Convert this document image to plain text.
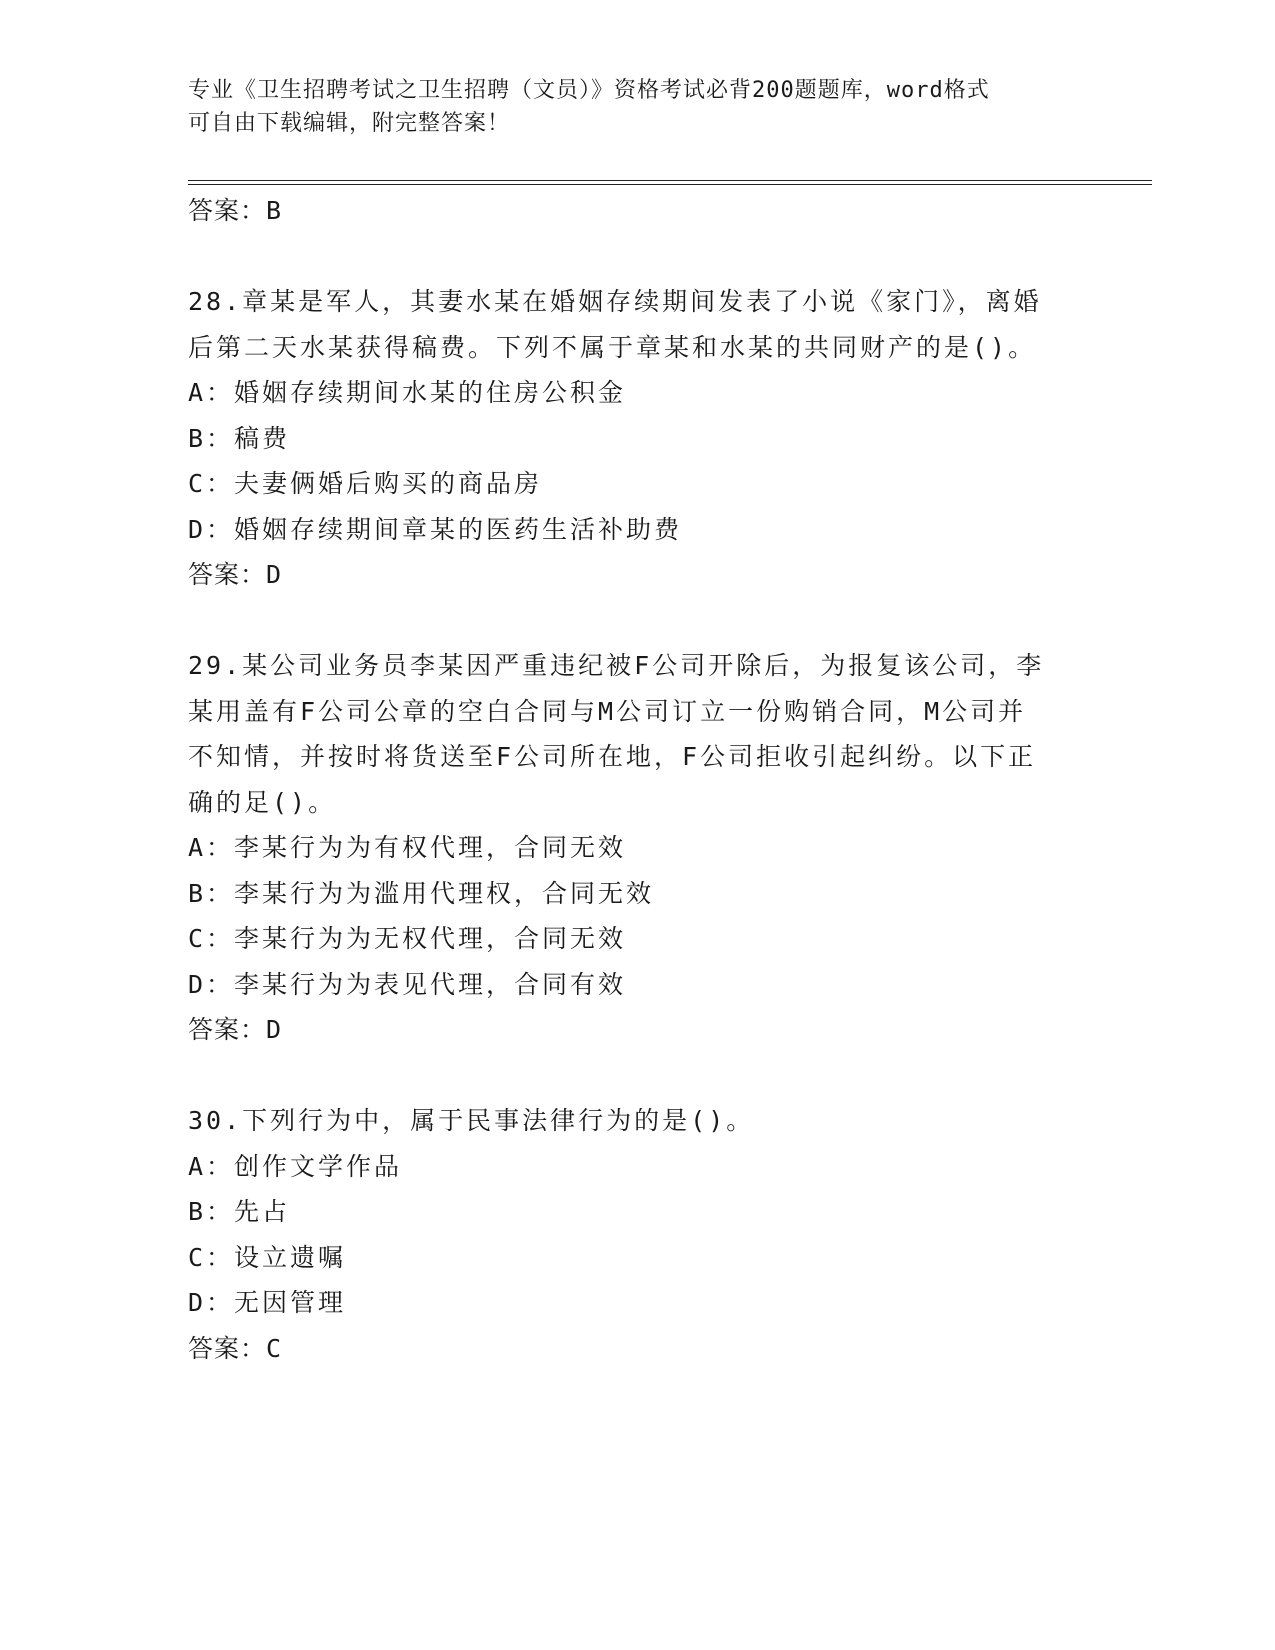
专业《卫生招聘考试之卫生招聘（文员）》资格考试必背200题题库，word格式
可自由下载编辑，附完整答案！
答案：B
28.章某是军人，其妻水某在婚姻存续期间发表了小说《家门》，离婚
后第二天水某获得稿费。下列不属于章某和水某的共同财产的是()。
A：婚姻存续期间水某的住房公积金
B：稿费
C：夫妻俩婚后购买的商品房
D：婚姻存续期间章某的医药生活补助费
答案：D
29.某公司业务员李某因严重违纪被F公司开除后，为报复该公司，李
某用盖有F公司公章的空白合同与M公司订立一份购销合同，M公司并
不知情，并按时将货送至F公司所在地，F公司拒收引起纠纷。以下正
确的足()。
A：李某行为为有权代理，合同无效
B：李某行为为滥用代理权，合同无效
C：李某行为为无权代理，合同无效
D：李某行为为表见代理，合同有效
答案：D
30.下列行为中，属于民事法律行为的是()。
A：创作文学作品
B：先占
C：设立遗嘱
D：无因管理
答案：C
